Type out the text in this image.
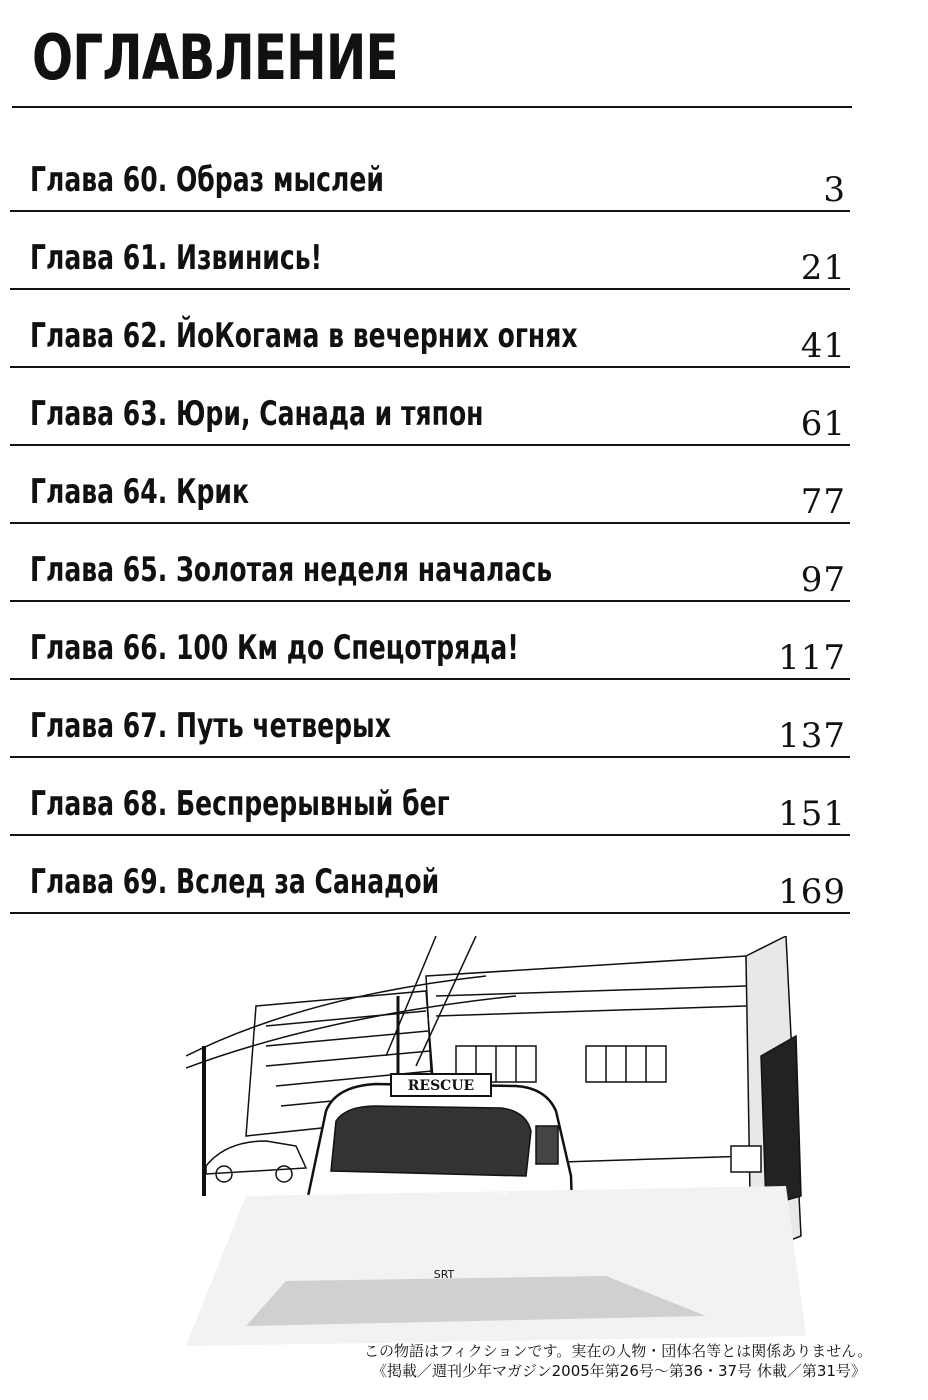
ОГЛАВЛЕНИЕ
Глава 60. Образ мыслей	3
Глава 61. Извинись!	21
Глава 62. ЙоКогама в вечерних огнях	41
Глава 63. Юри, Санада и тяпон	61
Глава 64. Крик	77
Глава 65. Золотая неделя началась	97
Глава 66. 100 Км до Спецотряда!	117
Глава 67. Путь четверых	137
Глава 68. Беспрерывный бег	151
Глава 69. Вслед за Санадой	169
RESCUE
01
SRT
この物語はフィクションです。実在の人物・団体名等とは関係ありません。
《掲載／週刊少年マガジン2005年第26号～第36・37号 休載／第31号》
